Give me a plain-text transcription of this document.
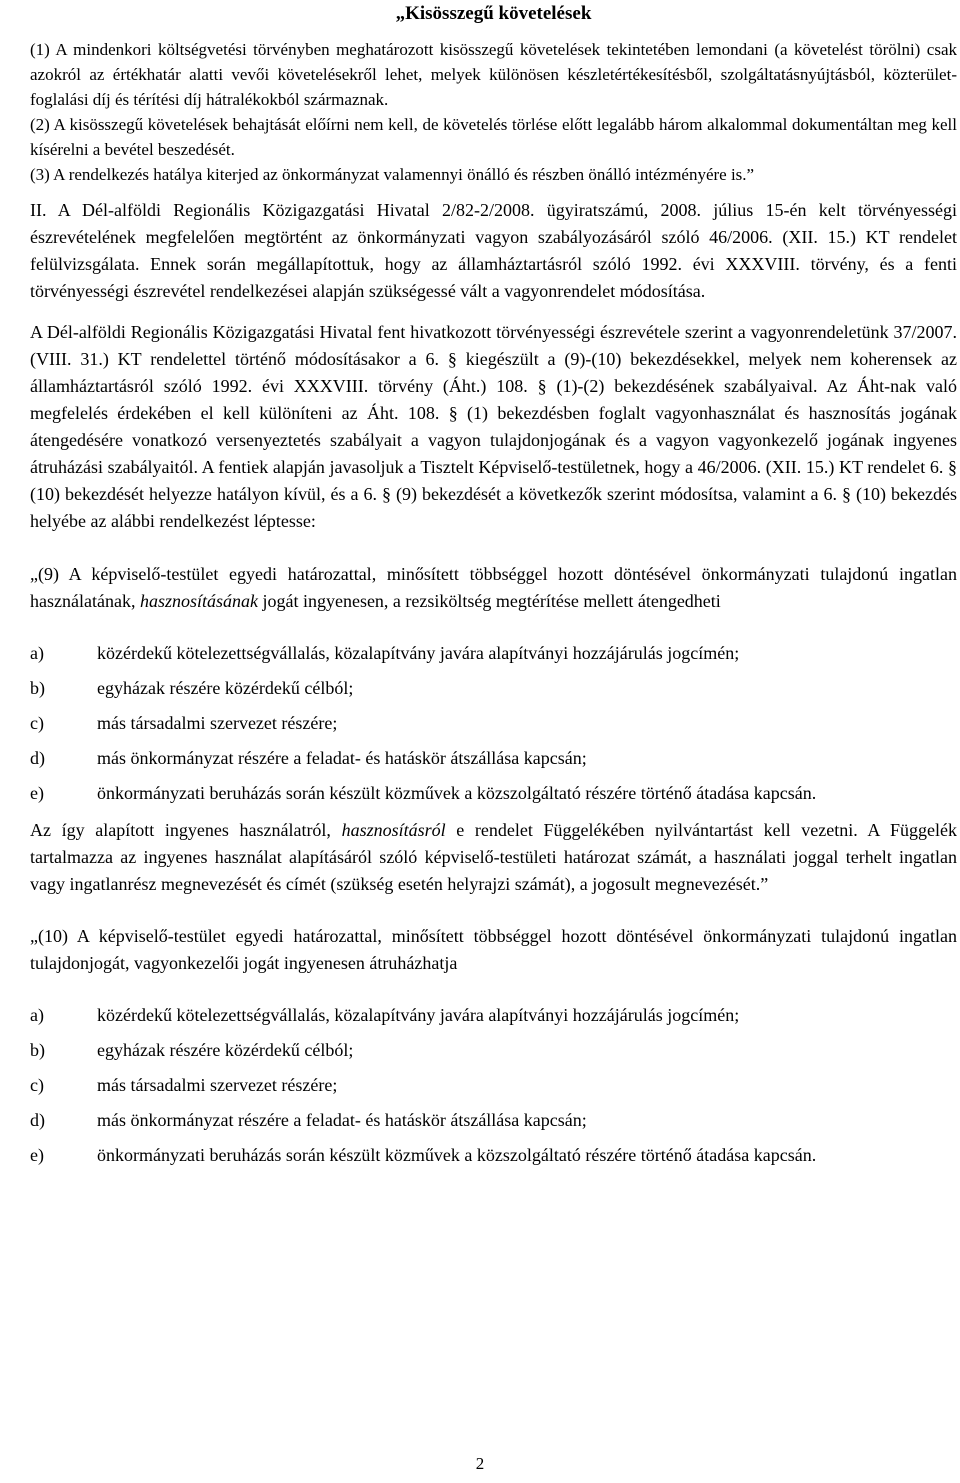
„Kisösszegű követelések

(1) A mindenkori költségvetési törvényben meghatározott kisösszegű követelések tekintetében lemondani (a követelést törölni) csak azokról az értékhatár alatti vevői követelésekről lehet, melyek különösen készletértékesítésből, szolgáltatásnyújtásból, közterület-foglalási díj és térítési díj hátralékokból származnak.

(2) A kisösszegű követelések behajtását előírni nem kell, de követelés törlése előtt legalább három alkalommal dokumentáltan meg kell kísérelni a bevétel beszedését.

(3) A rendelkezés hatálya kiterjed az önkormányzat valamennyi önálló és részben önálló intézményére is.”

II. A Dél-alföldi Regionális Közigazgatási Hivatal 2/82-2/2008. ügyiratszámú, 2008. július 15-én kelt törvényességi észrevételének megfelelően megtörtént az önkormányzati vagyon szabályozásáról szóló 46/2006. (XII. 15.) KT rendelet felülvizsgálata. Ennek során megállapítottuk, hogy az államháztartásról szóló 1992. évi XXXVIII. törvény, és a fenti törvényességi észrevétel rendelkezései alapján szükségessé vált a vagyonrendelet módosítása.

A Dél-alföldi Regionális Közigazgatási Hivatal fent hivatkozott törvényességi észrevétele szerint a vagyonrendeletünk 37/2007. (VIII. 31.) KT rendelettel történő módosításakor a 6. § kiegészült a (9)-(10) bekezdésekkel, melyek nem koherensek az államháztartásról szóló 1992. évi XXXVIII. törvény (Áht.) 108. § (1)-(2) bekezdésének szabályaival. Az Áht-nak való megfelelés érdekében el kell különíteni az Áht. 108. § (1) bekezdésben foglalt vagyonhasználat és hasznosítás jogának átengedésére vonatkozó versenyeztetés szabályait a vagyon tulajdonjogának és a vagyon vagyonkezelő jogának ingyenes átruházási szabályaitól. A fentiek alapján javasoljuk a Tisztelt Képviselő-testületnek, hogy a 46/2006. (XII. 15.) KT rendelet 6. § (10) bekezdését helyezze hatályon kívül, és a 6. § (9) bekezdését a következők szerint módosítsa, valamint a 6. § (10) bekezdés helyébe az alábbi rendelkezést léptesse:

„(9) A képviselő-testület egyedi határozattal, minősített többséggel hozott döntésével önkormányzati tulajdonú ingatlan használatának, hasznosításának jogát ingyenesen, a rezsiköltség megtérítése mellett átengedheti

a)	közérdekű kötelezettségvállalás, közalapítvány javára alapítványi hozzájárulás jogcímén;
b)	egyházak részére közérdekű célból;
c)	más társadalmi szervezet részére;
d)	más önkormányzat részére a feladat- és hatáskör átszállása kapcsán;
e)	önkormányzati beruházás során készült közművek a közszolgáltató részére történő átadása kapcsán.

Az így alapított ingyenes használatról, hasznosításról e rendelet Függelékében nyilvántartást kell vezetni. A Függelék tartalmazza az ingyenes használat alapításáról szóló képviselő-testületi határozat számát, a használati joggal terhelt ingatlan vagy ingatlanrész megnevezését és címét (szükség esetén helyrajzi számát), a jogosult megnevezését.”

„(10) A képviselő-testület egyedi határozattal, minősített többséggel hozott döntésével önkormányzati tulajdonú ingatlan tulajdonjogát, vagyonkezelői jogát ingyenesen átruházhatja

a)	közérdekű kötelezettségvállalás, közalapítvány javára alapítványi hozzájárulás jogcímén;
b)	egyházak részére közérdekű célból;
c)	más társadalmi szervezet részére;
d)	más önkormányzat részére a feladat- és hatáskör átszállása kapcsán;
e)	önkormányzati beruházás során készült közművek a közszolgáltató részére történő átadása kapcsán.
2
